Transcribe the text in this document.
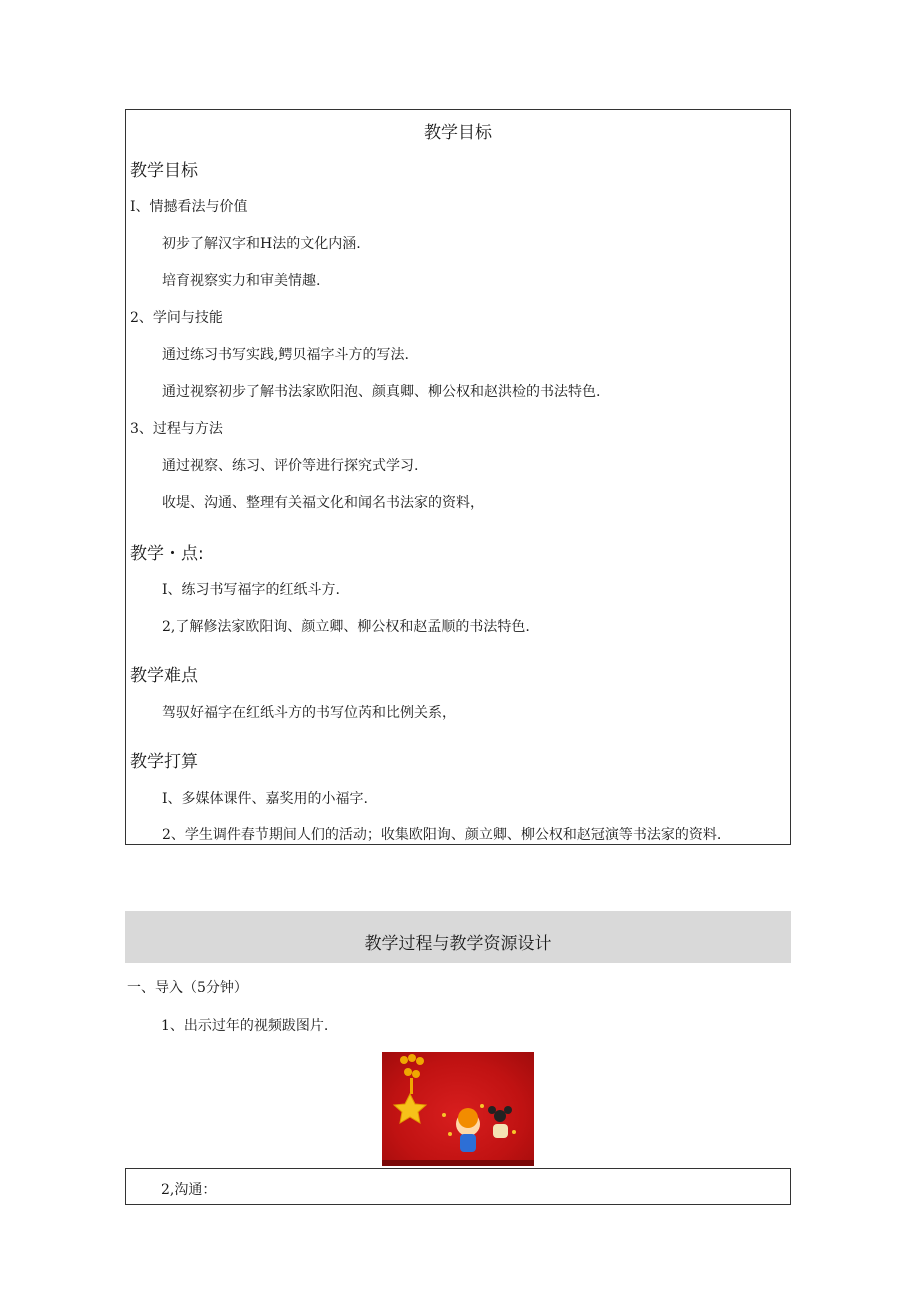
教学目标
教学目标
I、情撼看法与价值
初步了解汉字和H法的文化内涵.
培育视察实力和审美情趣.
2、学问与技能
通过练习书写实践,鳄贝福字斗方的写法.
通过视察初步了解书法家欧阳泡、颜真卿、柳公权和赵洪检的书法特色.
3、过程与方法
通过视察、练习、评价等进行探究式学习.
收堤、沟通、整理有关福文化和闻名书法家的资料，
教学・点:
I、练习书写福字的红纸斗方.
2,了解修法家欧阳询、颜立卿、柳公权和赵孟顺的书法特色.
教学难点
驾驭好福字在红纸斗方的书写位芮和比例关系，
教学打算
I、多媒体课件、嘉奖用的小福字.
2、学生调件春节期间人们的活动；收集欧阳询、颜立卿、柳公权和赵冠演等书法家的资料.
教学过程与教学资源设计
一、导入（5分钟）
1、出示过年的视频跋图片.
2,沟通：
